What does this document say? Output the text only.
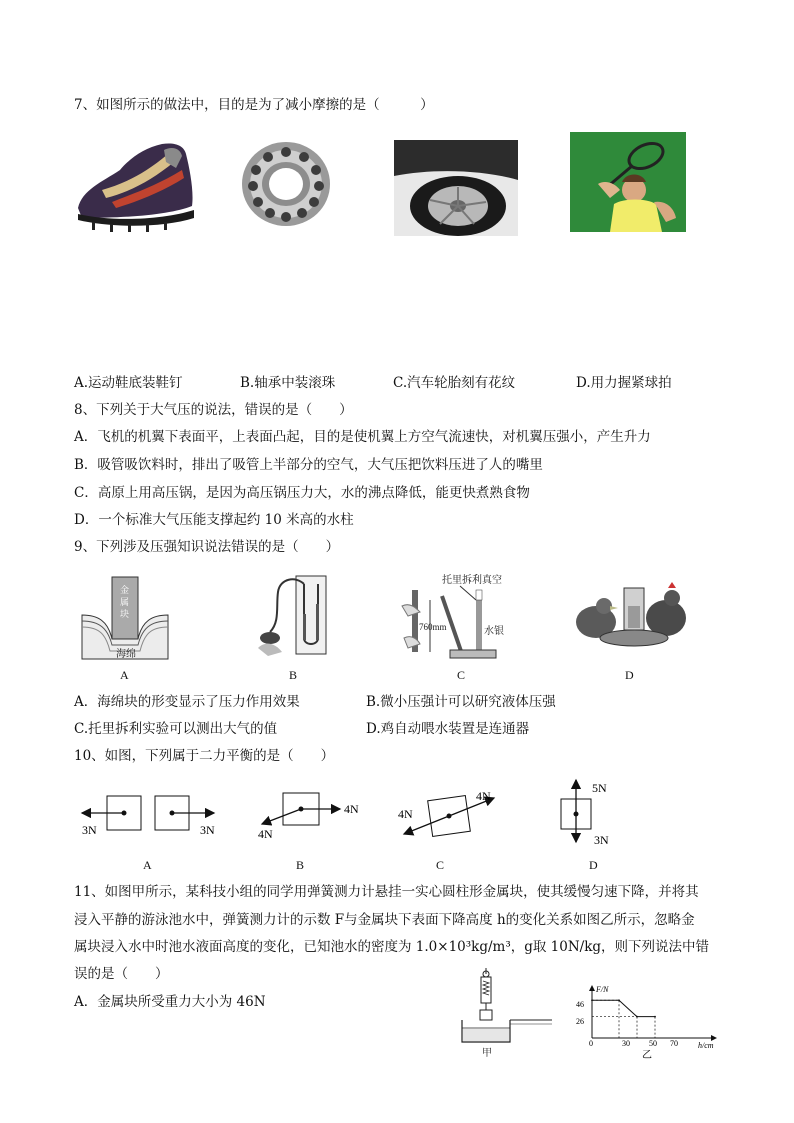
7、如图所示的做法中，目的是为了减小摩擦的是（　　　）
A.运动鞋底装鞋钉	B.轴承中装滚珠	C.汽车轮胎刻有花纹	D.用力握紧球拍
8、下列关于大气压的说法，错误的是（　　）
A．飞机的机翼下表面平，上表面凸起，目的是使机翼上方空气流速快，对机翼压强小，产生升力
B．吸管吸饮料时，排出了吸管上半部分的空气，大气压把饮料压进了人的嘴里
C．高原上用高压锅，是因为高压锅压力大，水的沸点降低，能更快煮熟食物
D．一个标准大气压能支撑起约 10 米高的水柱
9、下列涉及压强知识说法错误的是（　　）
金
属
块
海绵
托里拆利真空
760mm	水银
A	B	C	D
A．海绵块的形变显示了压力作用效果	B.微小压强计可以研究液体压强
C.托里拆利实验可以测出大气的值	D.鸡自动喂水装置是连通器
10、如图，下列属于二力平衡的是（　　）
3N	3N
4N
4N
4N
4N
5N
3N
A	B	C	D
11、如图甲所示，某科技小组的同学用弹簧测力计悬挂一实心圆柱形金属块，使其缓慢匀速下降，并将其
浸入平静的游泳池水中，弹簧测力计的示数 F与金属块下表面下降高度 h的变化关系如图乙所示，忽略金
属块浸入水中时池水液面高度的变化，已知池水的密度为 1.0×10³kg/m³，g取 10N/kg，则下列说法中错
误的是（　　）
A．金属块所受重力大小为 46N
甲
F/N
h/cm
46
26
0	30 50 70
乙
